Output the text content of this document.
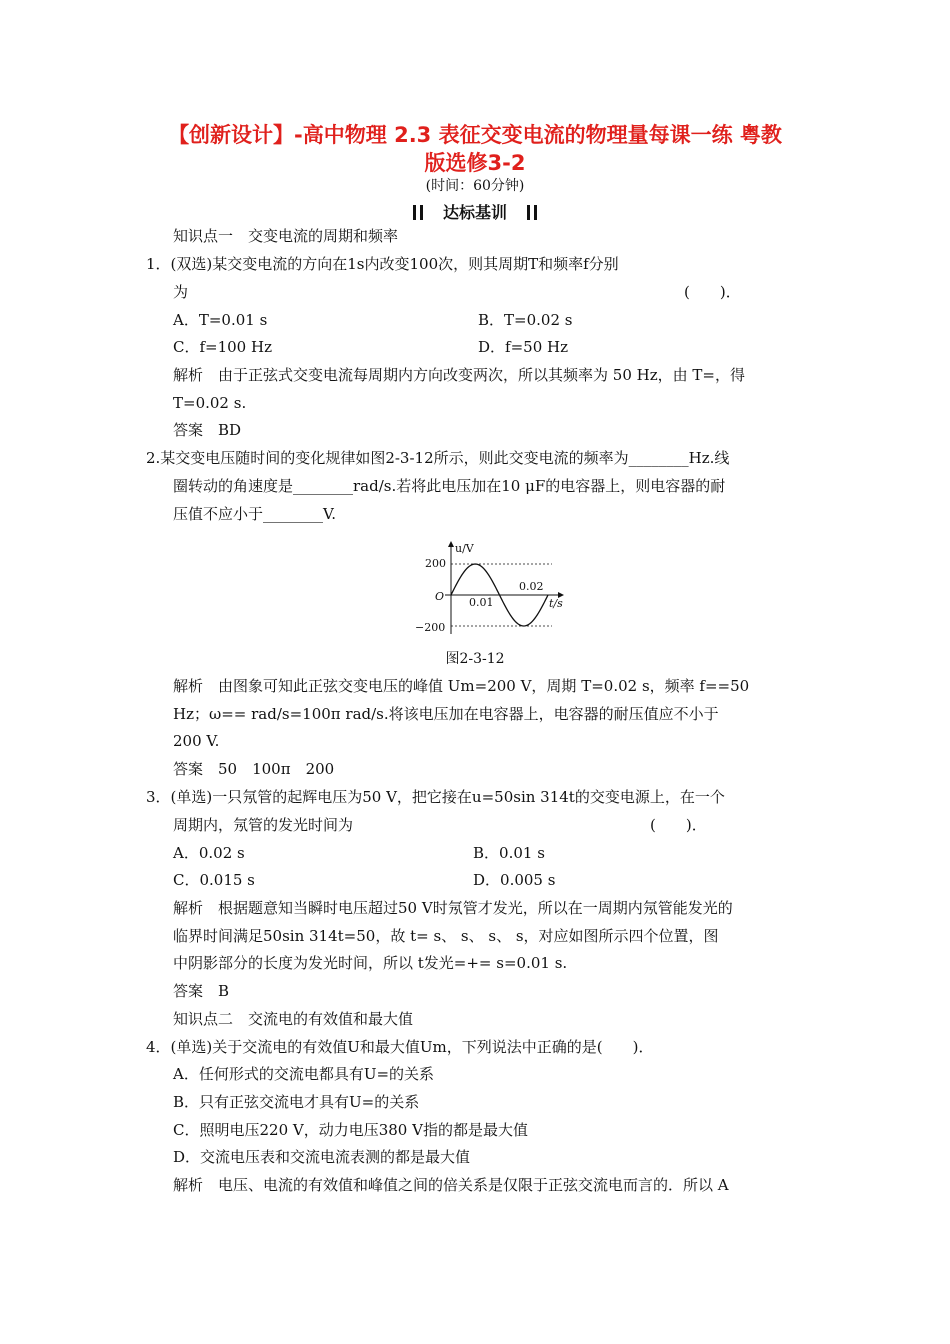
【创新设计】-高中物理 2.3 表征交变电流的物理量每课一练 粤教
版选修3-2
(时间：60分钟)
达标基训
知识点一　交变电流的周期和频率
1．(双选)某交变电流的方向在1s内改变100次，则其周期T和频率f分别
为	(　　)．
A．T=0.01 s	B．T=0.02 s
C．f=100 Hz	D．f=50 Hz
解析　由于正弦式交变电流每周期内方向改变两次，所以其频率为 50 Hz，由 T=，得
T=0.02 s.
答案　BD
2.某交变电压随时间的变化规律如图2-3-12所示，则此交变电流的频率为________Hz.线
圈转动的角速度是________rad/s.若将此电压加在10 μF的电容器上，则电容器的耐
压值不应小于________V.
u/V
t/s
O
200
−200
0.01
0.02
图2-3-12
解析　由图象可知此正弦交变电压的峰值 Um=200 V，周期 T=0.02 s，频率 f==50
Hz；ω== rad/s=100π rad/s.将该电压加在电容器上，电容器的耐压值应不小于
200 V.
答案　50　100π　200
3．(单选)一只氖管的起辉电压为50 V，把它接在u=50sin 314t的交变电源上，在一个
周期内，氖管的发光时间为	(　　)．
A．0.02 s	B．0.01 s
C．0.015 s	D．0.005 s
解析　根据题意知当瞬时电压超过50 V时氖管才发光，所以在一周期内氖管能发光的
临界时间满足50sin 314t=50，故 t= s、 s、 s、 s，对应如图所示四个位置，图
中阴影部分的长度为发光时间，所以 t发光=+= s=0.01 s.
答案　B
知识点二　交流电的有效值和最大值
4．(单选)关于交流电的有效值U和最大值Um，下列说法中正确的是(　　)．
A．任何形式的交流电都具有U=的关系
B．只有正弦交流电才具有U=的关系
C．照明电压220 V，动力电压380 V指的都是最大值
D．交流电压表和交流电流表测的都是最大值
解析　电压、电流的有效值和峰值之间的倍关系是仅限于正弦交流电而言的．所以 A
